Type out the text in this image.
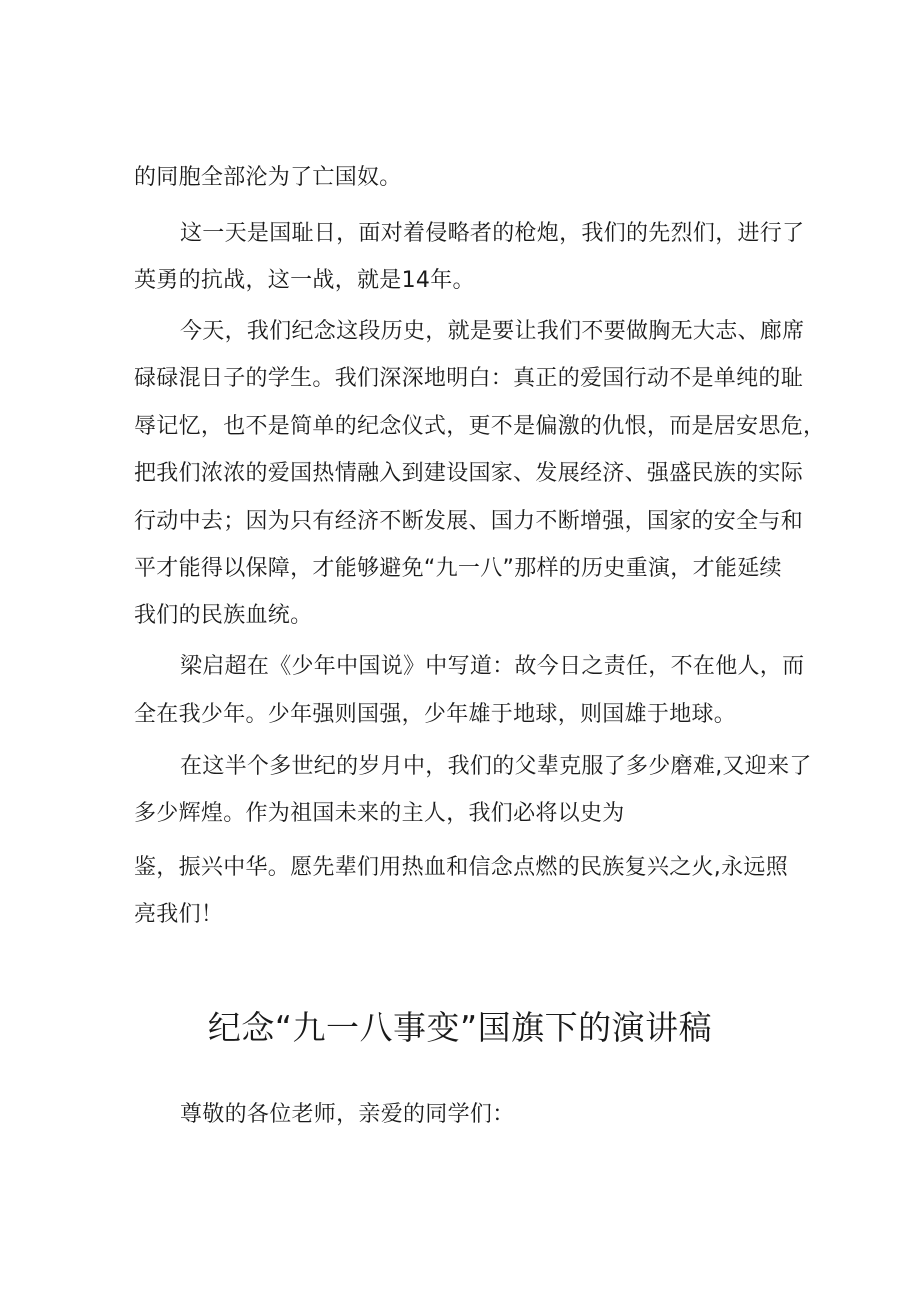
的同胞全部沦为了亡国奴。
这一天是国耻日，面对着侵略者的枪炮，我们的先烈们，进行了
英勇的抗战，这一战，就是14年。
今天，我们纪念这段历史，就是要让我们不要做胸无大志、廊席
碌碌混日子的学生。我们深深地明白：真正的爱国行动不是单纯的耻
辱记忆，也不是简单的纪念仪式，更不是偏激的仇恨，而是居安思危，
把我们浓浓的爱国热情融入到建设国家、发展经济、强盛民族的实际
行动中去；因为只有经济不断发展、国力不断增强，国家的安全与和
平才能得以保障，才能够避免“九一八”那样的历史重演，才能延续
我们的民族血统。
梁启超在《少年中国说》中写道：故今日之责任，不在他人，而
全在我少年。少年强则国强，少年雄于地球，则国雄于地球。
在这半个多世纪的岁月中，我们的父辈克服了多少磨难,又迎来了
多少辉煌。作为祖国未来的主人，我们必将以史为
鉴，振兴中华。愿先辈们用热血和信念点燃的民族复兴之火,永远照
亮我们！
纪念“九一八事变”国旗下的演讲稿
尊敬的各位老师，亲爱的同学们：
